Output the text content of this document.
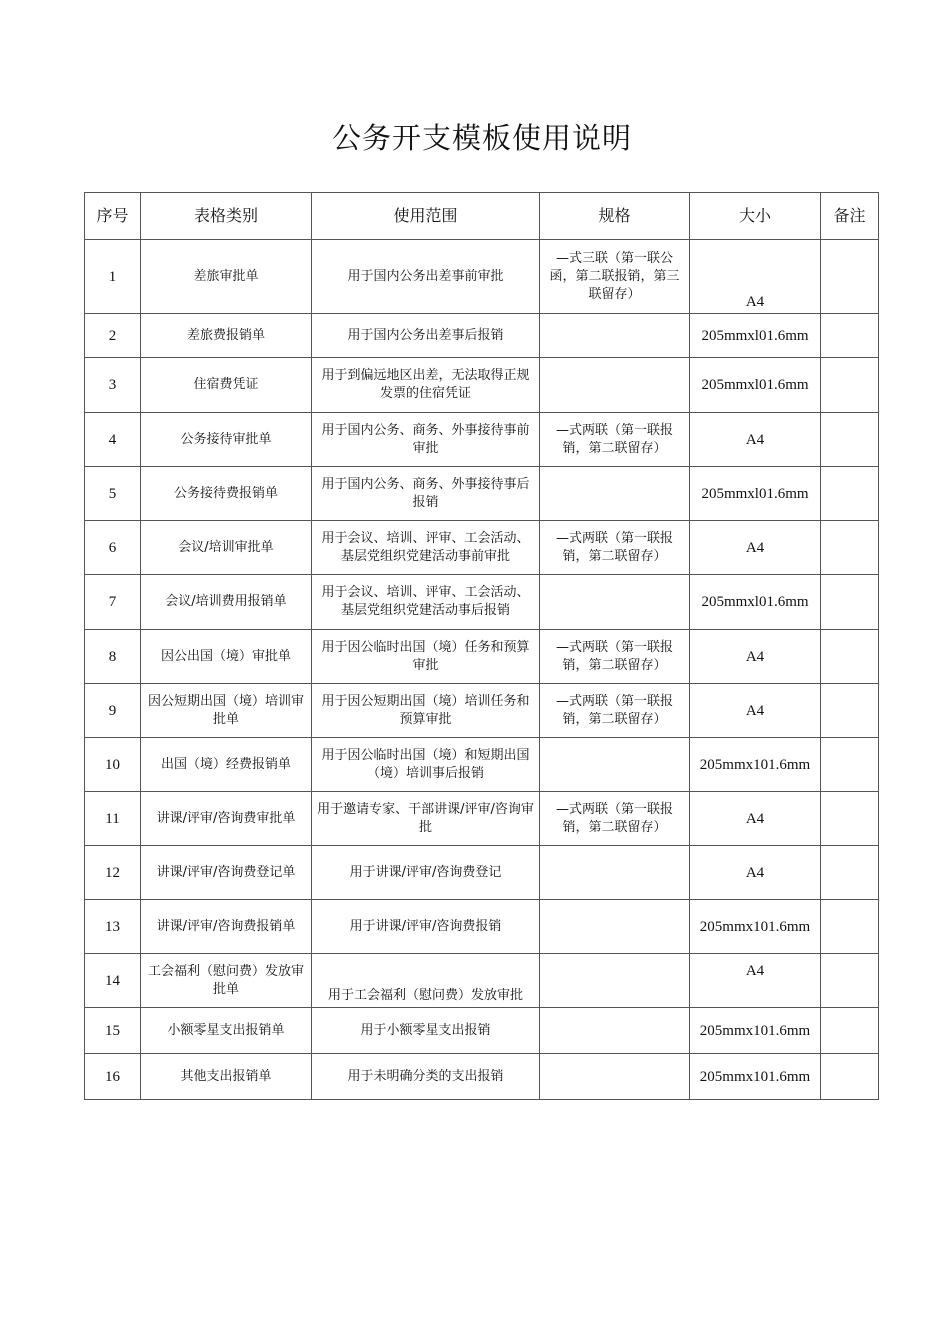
公务开支模板使用说明
序号	表格类别	使用范围	规格	大小	备注
1	差旅审批单	用于国内公务出差事前审批	—式三联（第一联公函，第二联报销，第三联留存）	A4	
2	差旅费报销单	用于国内公务出差事后报销		205mmxl01.6mm	
3	住宿费凭证	用于到偏远地区出差，无法取得正规发票的住宿凭证		205mmxl01.6mm	
4	公务接待审批单	用于国内公务、商务、外事接待事前审批	—式两联（第一联报销，第二联留存）	A4	
5	公务接待费报销单	用于国内公务、商务、外事接待事后报销		205mmxl01.6mm	
6	会议/培训审批单	用于会议、培训、评审、工会活动、基层党组织党建活动事前审批	—式两联（第一联报销，第二联留存）	A4	
7	会议/培训费用报销单	用于会议、培训、评审、工会活动、基层党组织党建活动事后报销		205mmxl01.6mm	
8	因公出国（境）审批单	用于因公临时出国（境）任务和预算审批	—式两联（第一联报销，第二联留存）	A4	
9	因公短期出国（境）培训审批单	用于因公短期出国（境）培训任务和预算审批	—式两联（第一联报销，第二联留存）	A4	
10	出国（境）经费报销单	用于因公临时出国（境）和短期出国（境）培训事后报销		205mmx101.6mm	
11	讲课/评审/咨询费审批单	用于邀请专家、干部讲课/评审/咨询审批	—式两联（第一联报销，第二联留存）	A4	
12	讲课/评审/咨询费登记单	用于讲课/评审/咨询费登记		A4	
13	讲课/评审/咨询费报销单	用于讲课/评审/咨询费报销		205mmx101.6mm	
14	工会福利（慰问费）发放审批单	用于工会福利（慰问费）发放审批		A4	
15	小额零星支出报销单	用于小额零星支出报销		205mmx101.6mm	
16	其他支出报销单	用于未明确分类的支出报销		205mmx101.6mm	
